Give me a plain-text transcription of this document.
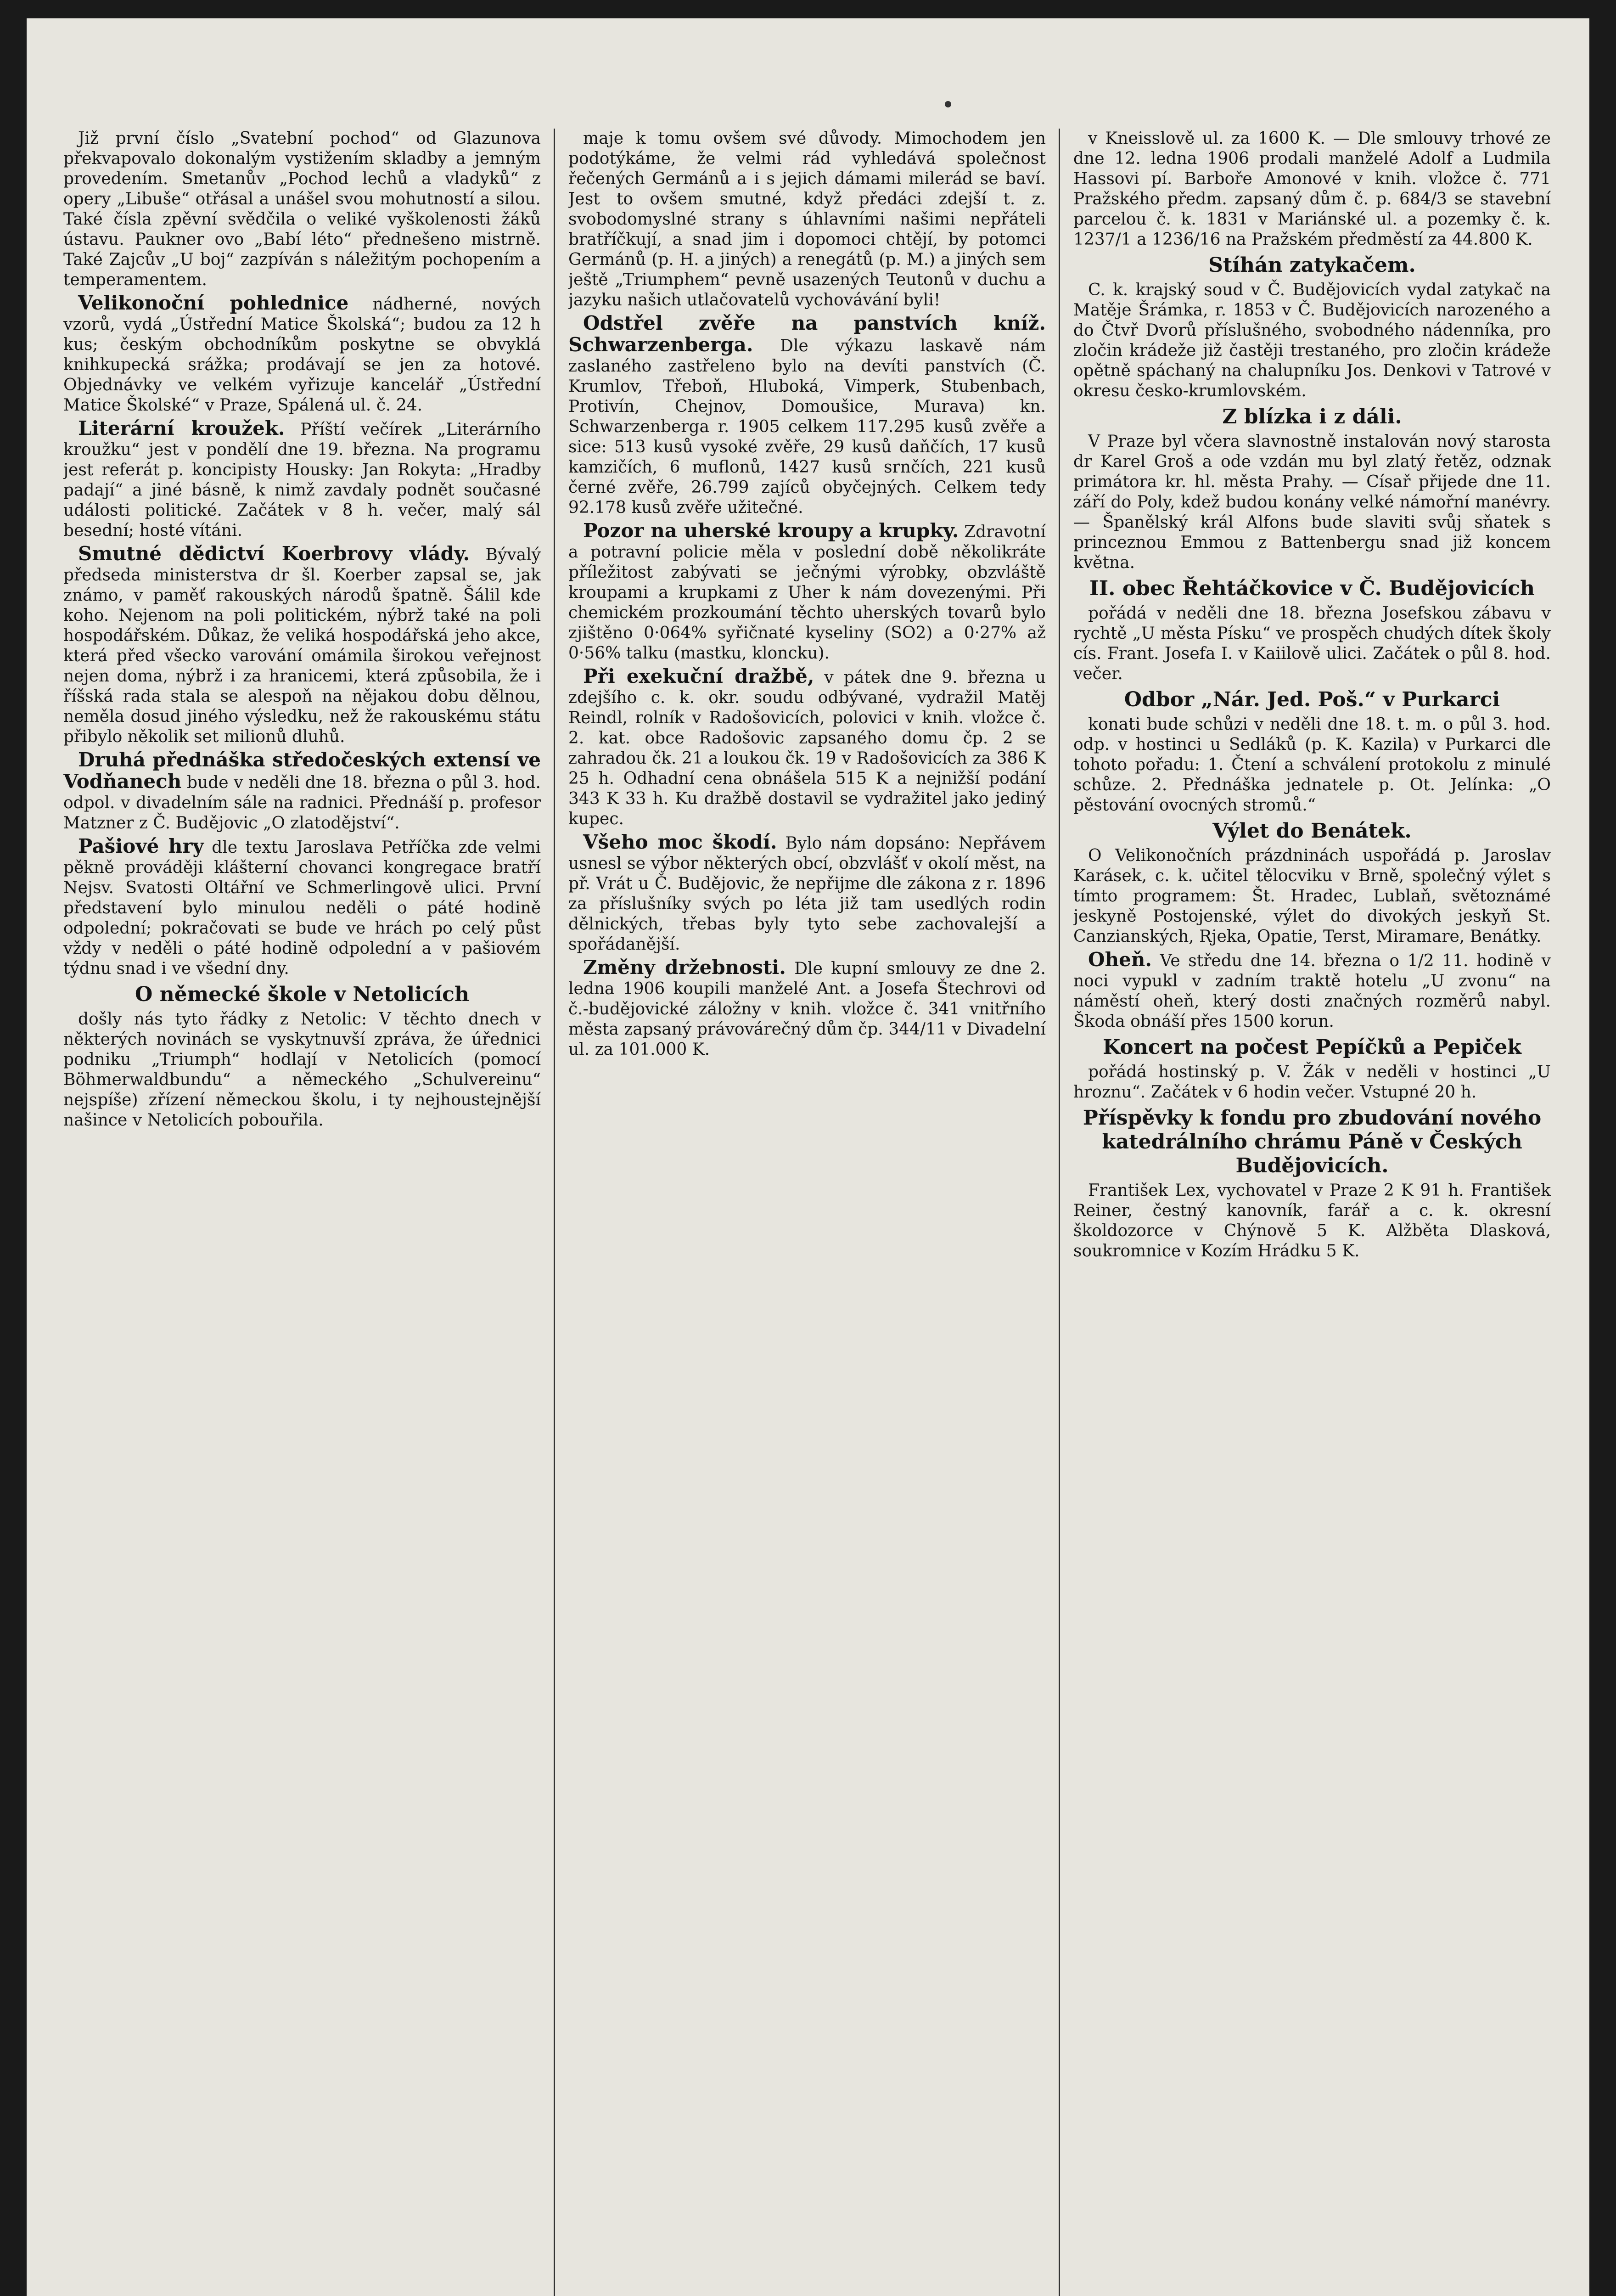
Již první číslo „Svatební pochod“ od Glazunova překvapovalo dokonalým vystižením skladby a jemným provedením. Smetanův „Pochod lechů a vladyků“ z opery „Libuše“ otřásal a unášel svou mohutností a silou. Také čísla zpěvní svědčila o veliké vyškolenosti žáků ústavu. Paukner ovo „Babí léto“ přednešeno mistrně. Také Zajcův „U boj“ zazpíván s náležitým pochopením a temperamentem.

Velikonoční pohlednice nádherné, nových vzorů, vydá „Ústřední Matice Školská“; budou za 12 h kus; českým obchodníkům poskytne se obvyklá knihkupecká srážka; prodávají se jen za hotové. Objednávky ve velkém vyřizuje kancelář „Ústřední Matice Školské“ v Praze, Spálená ul. č. 24.

Literární kroužek. Příští večírek „Literárního kroužku“ jest v pondělí dne 19. března. Na programu jest referát p. koncipisty Housky: Jan Rokyta: „Hradby padají“ a jiné básně, k nimž zavdaly podnět současné události politické. Začátek v 8 h. večer, malý sál besední; hosté vítáni.

Smutné dědictví Koerbrovy vlády. Bývalý předseda ministerstva dr šl. Koerber zapsal se, jak známo, v paměť rakouských národů špatně. Šálil kde koho. Nejenom na poli politickém, nýbrž také na poli hospodářském. Důkaz, že veliká hospodářská jeho akce, která před všecko varování omámila širokou veřejnost nejen doma, nýbrž i za hranicemi, která způsobila, že i říšská rada stala se alespoň na nějakou dobu dělnou, neměla dosud jiného výsledku, než že rakouskému státu přibylo několik set milionů dluhů.

Druhá přednáška středočeských extensí ve Vodňanech bude v neděli dne 18. března o půl 3. hod. odpol. v divadelním sále na radnici. Přednáší p. profesor Matzner z Č. Budějovic „O zlatodějství“.

Pašiové hry dle textu Jaroslava Petříčka zde velmi pěkně prováději klášterní chovanci kongregace bratří Nejsv. Svatosti Oltářní ve Schmerlingově ulici. První představení bylo minulou neděli o páté hodině odpolední; pokračovati se bude ve hrách po celý půst vždy v neděli o páté hodině odpolední a v pašiovém týdnu snad i ve všední dny.

O německé škole v Netolicích

došly nás tyto řádky z Netolic: V těchto dnech v některých novinách se vyskytnuvší zpráva, že úřednici podniku „Triumph“ hodlají v Netolicích (pomocí Böhmerwaldbundu“ a německého „Schulvereinu“ nejspíše) zřízení německou školu, i ty nejhoustejnější našince v Netolicích pobouřila.

maje k tomu ovšem své důvody. Mimochodem jen podotýkáme, že velmi rád vyhledává společnost řečených Germánů a i s jejich dámami milerád se baví. Jest to ovšem smutné, když předáci zdejší t. z. svobodomyslné strany s úhlavními našimi nepřáteli bratříčkují, a snad jim i dopomoci chtějí, by potomci Germánů (p. H. a jiných) a renegátů (p. M.) a jiných sem ještě „Triumphem“ pevně usazených Teutonů v duchu a jazyku našich utlačovatelů vychovávání byli!

Odstřel zvěře na panstvích kníž. Schwarzenberga. Dle výkazu laskavě nám zaslaného zastřeleno bylo na devíti panstvích (Č. Krumlov, Třeboň, Hluboká, Vimperk, Stubenbach, Protivín, Chejnov, Domoušice, Murava) kn. Schwarzenberga r. 1905 celkem 117.295 kusů zvěře a sice: 513 kusů vysoké zvěře, 29 kusů daňčích, 17 kusů kamzičích, 6 muflonů, 1427 kusů srnčích, 221 kusů černé zvěře, 26.799 zajíců obyčejných. Celkem tedy 92.178 kusů zvěře užitečné.

Pozor na uherské kroupy a krupky. Zdravotní a potravní policie měla v poslední době několikráte příležitost zabývati se ječnými výrobky, obzvláště kroupami a krupkami z Uher k nám dovezenými. Při chemickém prozkoumání těchto uherských tovarů bylo zjištěno 0·064% syřičnaté kyseliny (SO2) a 0·27% až 0·56% talku (mastku, kloncku).

Při exekuční dražbě, v pátek dne 9. března u zdejšího c. k. okr. soudu odbývané, vydražil Matěj Reindl, rolník v Radošovicích, polovici v knih. vložce č. 2. kat. obce Radošovic zapsaného domu čp. 2 se zahradou čk. 21 a loukou čk. 19 v Radošovicích za 386 K 25 h. Odhadní cena obnášela 515 K a nejnižší podání 343 K 33 h. Ku dražbě dostavil se vydražitel jako jediný kupec.

Všeho moc škodí. Bylo nám dopsáno: Nepřávem usnesl se výbor některých obcí, obzvlášť v okolí měst, na př. Vrát u Č. Budějovic, že nepřijme dle zákona z r. 1896 za příslušníky svých po léta již tam usedlých rodin dělnických, třebas byly tyto sebe zachovalejší a spořádanější.

Změny držebnosti. Dle kupní smlouvy ze dne 2. ledna 1906 koupili manželé Ant. a Josefa Štechrovi od č.-budějovické záložny v knih. vložce č. 341 vnitřního města zapsaný právovárečný dům čp. 344/11 v Divadelní ul. za 101.000 K.

v Kneisslově ul. za 1600 K. — Dle smlouvy trhové ze dne 12. ledna 1906 prodali manželé Adolf a Ludmila Hassovi pí. Barboře Amonové v knih. vložce č. 771 Pražského předm. zapsaný dům č. p. 684/3 se stavební parcelou č. k. 1831 v Mariánské ul. a pozemky č. k. 1237/1 a 1236/16 na Pražském předměstí za 44.800 K.

Stíhán zatykačem.

C. k. krajský soud v Č. Budějovicích vydal zatykač na Matěje Šrámka, r. 1853 v Č. Budějovicích narozeného a do Čtvř Dvorů příslušného, svobodného nádenníka, pro zločin krádeže již častěji trestaného, pro zločin krádeže opětně spáchaný na chalupníku Jos. Denkovi v Tatrové v okresu česko-krumlovském.

Z blízka i z dáli.

V Praze byl včera slavnostně instalován nový starosta dr Karel Groš a ode vzdán mu byl zlatý řetěz, odznak primátora kr. hl. města Prahy. — Císař přijede dne 11. září do Poly, kdež budou konány velké námořní manévry. — Španělský král Alfons bude slaviti svůj sňatek s princeznou Emmou z Battenbergu snad již koncem května.

II. obec Řehtáčkovice v Č. Budějovicích

pořádá v neděli dne 18. března Josefskou zábavu v rychtě „U města Písku“ ve prospěch chudých dítek školy cís. Frant. Josefa I. v Kaiilově ulici. Začátek o půl 8. hod. večer.

Odbor „Nár. Jed. Poš.“ v Purkarci

konati bude schůzi v neděli dne 18. t. m. o půl 3. hod. odp. v hostinci u Sedláků (p. K. Kazila) v Purkarci dle tohoto pořadu: 1. Čtení a schválení protokolu z minulé schůze. 2. Přednáška jednatele p. Ot. Jelínka: „O pěstování ovocných stromů.“

Výlet do Benátek.

O Velikonočních prázdninách uspořádá p. Jaroslav Karásek, c. k. učitel tělocviku v Brně, společný výlet s tímto programem: Št. Hradec, Lublaň, světoznámé jeskyně Postojenské, výlet do divokých jeskyň St. Canzianských, Rjeka, Opatie, Terst, Miramare, Benátky.

Oheň. Ve středu dne 14. března o 1/2 11. hodině v noci vypukl v zadním traktě hotelu „U zvonu“ na náměstí oheň, který dosti značných rozměrů nabyl. Škoda obnáší přes 1500 korun.

Koncert na počest Pepíčků a Pepiček

pořádá hostinský p. V. Žák v neděli v hostinci „U hroznu“. Začátek v 6 hodin večer. Vstupné 20 h.

Příspěvky k fondu pro zbudování nového katedrálního chrámu Páně v Českých Budějovicích.

František Lex, vychovatel v Praze 2 K 91 h. František Reiner, čestný kanovník, farář a c. k. okresní školdozorce v Chýnově 5 K. Alžběta Dlasková, soukromnice v Kozím Hrádku 5 K.
